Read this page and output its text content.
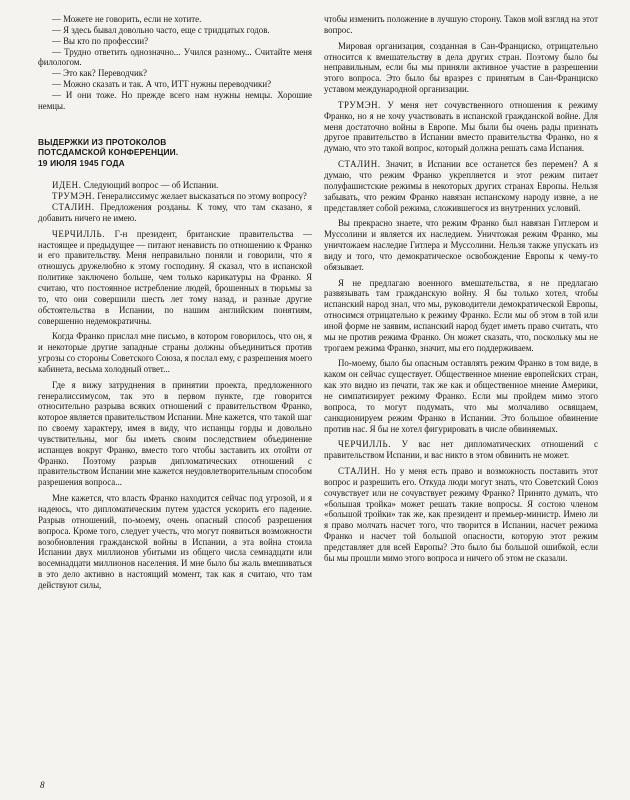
— Можете не говорить, если не хотите.

— Я здесь бывал довольно часто, еще с тридцатых годов.

— Вы кто по профессии?

— Трудно ответить однозначно... Учился разному... Считайте меня филологом.

— Это как? Переводчик?

— Можно сказать и так. А что, ИТТ нужны переводчики?

— И они тоже. Но прежде всего нам нужны немцы. Хорошие немцы.

ВЫДЕРЖКИ ИЗ ПРОТОКОЛОВ
ПОТСДАМСКОЙ КОНФЕРЕНЦИИ.
19 ИЮЛЯ 1945 ГОДА

ИДЕН. Следующий вопрос — об Испании.

ТРУМЭН. Генералиссимус желает высказаться по этому вопросу?

СТАЛИН. Предложения розданы. К тому, что там сказано, я добавить ничего не имею.

ЧЕРЧИЛЛЬ. Г-н президент, британские правительства — настоящее и предыдущее — питают ненависть по отношению к Франко и его правительству. Меня неправильно поняли и говорили, что я отношусь дружелюбно к этому господину. Я сказал, что в испанской политике заключено больше, чем только карикатуры на Франко. Я считаю, что постоянное истребление людей, брошенных в тюрьмы за то, что они совершили шесть лет тому назад, и разные другие обстоятельства в Испании, по нашим английским понятиям, совершенно недемократичны.

Когда Франко прислал мне письмо, в котором говорилось, что он, я и некоторые другие западные страны должны объединиться против угрозы со стороны Советского Союза, я послал ему, с разрешения моего кабинета, весьма холодный ответ...

Где я вижу затруднения в принятии проекта, предложенного генералиссимусом, так это в первом пункте, где говорится относительно разрыва всяких отношений с правительством Франко, которое является правительством Испании. Мне кажется, что такой шаг по своему характеру, имея в виду, что испанцы горды и довольно чувствительны, мог бы иметь своим последствием объединение испанцев вокруг Франко, вместо того чтобы заставить их отойти от Франко. Поэтому разрыв дипломатических отношений с правительством Испании мне кажется неудовлетворительным способом разрешения вопроса...

Мне кажется, что власть Франко находится сейчас под угрозой, и я надеюсь, что дипломатическим путем удастся ускорить его падение. Разрыв отношений, по-моему, очень опасный способ разрешения вопроса. Кроме того, следует учесть, что могут появиться возможности возобновления гражданской войны в Испании, а эта война стоила Испании двух миллионов убитыми из общего числа семнадцати или восемнадцати миллионов населения. И мне было бы жаль вмешиваться в это дело активно в настоящий момент, так как я считаю, что там действуют силы,

чтобы изменить положение в лучшую сторону. Таков мой взгляд на этот вопрос.

Мировая организация, созданная в Сан-Франциско, отрицательно относится к вмешательству в дела других стран. Поэтому было бы неправильным, если бы мы приняли активное участие в разрешении этого вопроса. Это было бы вразрез с принятым в Сан-Франциско уставом международной организации.

ТРУМЭН. У меня нет сочувственного отношения к режиму Франко, но я не хочу участвовать в испанской гражданской войне. Для меня достаточно войны в Европе. Мы были бы очень рады признать другое правительство в Испании вместо правительства Франко, но я думаю, что это такой вопрос, который должна решать сама Испания.

СТАЛИН. Значит, в Испании все останется без перемен? А я думаю, что режим Франко укрепляется и этот режим питает полуфашистские режимы в некоторых других странах Европы. Нельзя забывать, что режим Франко навязан испанскому народу извне, а не представляет собой режима, сложившегося из внутренних условий.

Вы прекрасно знаете, что режим Франко был навязан Гитлером и Муссолини и является их наследием. Уничтожая режим Франко, мы уничтожаем наследие Гитлера и Муссолини. Нельзя также упускать из виду и того, что демократическое освобождение Европы к чему-то обязывает.

Я не предлагаю военного вмешательства, я не предлагаю развязывать там гражданскую войну. Я бы только хотел, чтобы испанский народ знал, что мы, руководители демократической Европы, относимся отрицательно к режиму Франко. Если мы об этом в той или иной форме не заявим, испанский народ будет иметь право считать, что мы не против режима Франко. Он может сказать, что, поскольку мы не трогаем режима Франко, значит, мы его поддерживаем.

По-моему, было бы опасным оставлять режим Франко в том виде, в каком он сейчас существует. Общественное мнение европейских стран, как это видно из печати, так же как и общественное мнение Америки, не симпатизирует режиму Франко. Если мы пройдем мимо этого вопроса, то могут подумать, что мы молчаливо освящаем, санкционируем режим Франко в Испании. Это большое обвинение против нас. Я бы не хотел фигурировать в числе обвиняемых.

ЧЕРЧИЛЛЬ. У вас нет дипломатических отношений с правительством Испании, и вас никто в этом обвинить не может.

СТАЛИН. Но у меня есть право и возможность поставить этот вопрос и разрешить его. Откуда люди могут знать, что Советский Союз сочувствует или не сочувствует режиму Франко? Принято думать, что «большая тройка» может решать такие вопросы. Я состою членом «большой тройки» так же, как президент и премьер-министр. Имею ли я право молчать насчет того, что творится в Испании, насчет режима Франко и насчет той большой опасности, которую этот режим представляет для всей Европы? Это было бы большой ошибкой, если бы мы прошли мимо этого вопроса и ничего об этом не сказали.

8
